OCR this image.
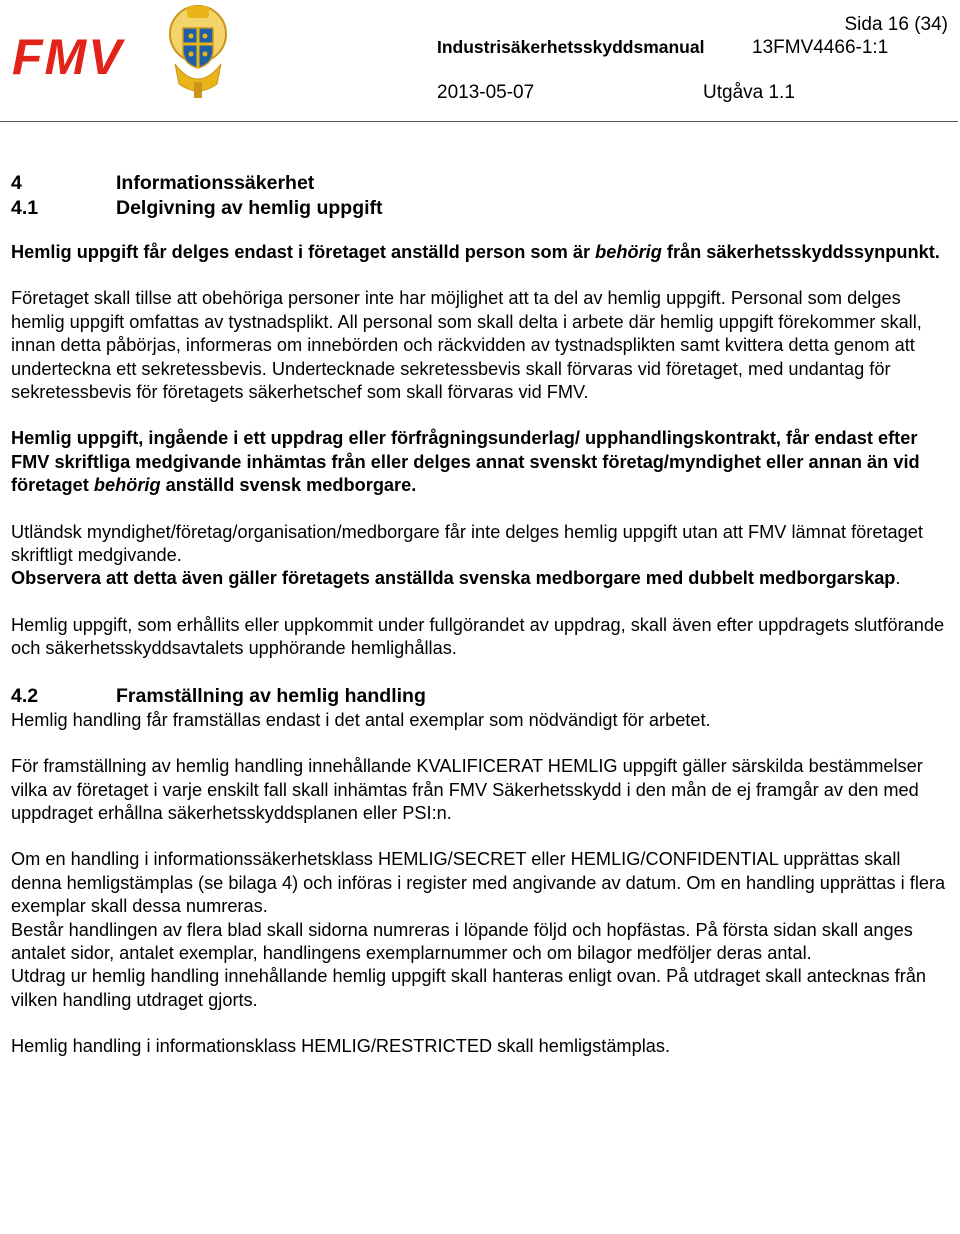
FMV
Sida 16 (34)
Industrisäkerhetsskyddsmanual	13FMV4466-1:1
2013-05-07	Utgåva 1.1
4	Informationssäkerhet
4.1	Delgivning av hemlig uppgift

Hemlig uppgift får delges endast i företaget anställd person som är behörig från säkerhetsskyddssynpunkt.

Företaget skall tillse att obehöriga personer inte har möjlighet att ta del av hemlig uppgift. Personal som delges hemlig uppgift omfattas av tystnadsplikt. All personal som skall delta i arbete där hemlig uppgift förekommer skall, innan detta påbörjas, informeras om innebörden och räckvidden av tystnadsplikten samt kvittera detta genom att underteckna ett sekretessbevis. Undertecknade sekretessbevis skall förvaras vid företaget, med undantag för sekretessbevis för företagets säkerhetschef som skall förvaras vid FMV.

Hemlig uppgift, ingående i ett uppdrag eller förfrågningsunderlag/ upphandlingskontrakt, får endast efter FMV skriftliga medgivande inhämtas från eller delges annat svenskt företag/myndighet eller annan än vid företaget behörig anställd svensk medborgare.

Utländsk myndighet/företag/organisation/medborgare får inte delges hemlig uppgift utan att FMV lämnat företaget skriftligt medgivande.

Observera att detta även gäller företagets anställda svenska medborgare med dubbelt medborgarskap.

Hemlig uppgift, som erhållits eller uppkommit under fullgörandet av uppdrag, skall även efter uppdragets slutförande och säkerhetsskyddsavtalets upphörande hemlighållas.

4.2	Framställning av hemlig handling

Hemlig handling får framställas endast i det antal exemplar som nödvändigt för arbetet.

För framställning av hemlig handling innehållande KVALIFICERAT HEMLIG uppgift gäller särskilda bestämmelser vilka av företaget i varje enskilt fall skall inhämtas från FMV Säkerhetsskydd i den mån de ej framgår av den med uppdraget erhållna säkerhetsskyddsplanen eller PSI:n.

Om en handling i informationssäkerhetsklass HEMLIG/SECRET eller HEMLIG/CONFIDENTIAL upprättas skall denna hemligstämplas (se bilaga 4) och införas i register med angivande av datum. Om en handling upprättas i flera exemplar skall dessa numreras.

Består handlingen av flera blad skall sidorna numreras i löpande följd och hopfästas. På första sidan skall anges antalet sidor, antalet exemplar, handlingens exemplarnummer och om bilagor medföljer deras antal.

Utdrag ur hemlig handling innehållande hemlig uppgift skall hanteras enligt ovan. På utdraget skall antecknas från vilken handling utdraget gjorts.

Hemlig handling i informationsklass HEMLIG/RESTRICTED skall hemligstämplas.
